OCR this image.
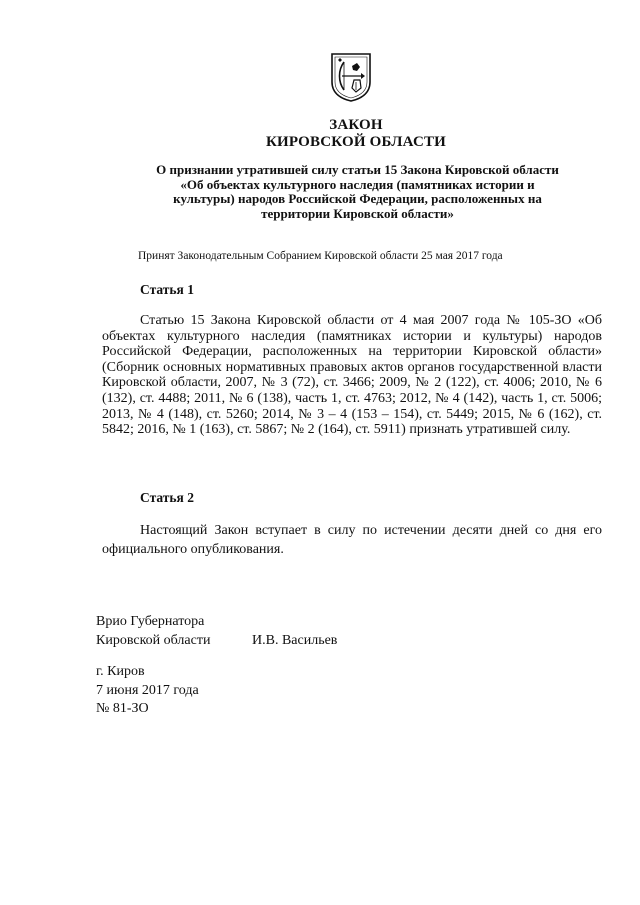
ЗАКОН
КИРОВСКОЙ ОБЛАСТИ
О признании утратившей силу статьи 15 Закона Кировской области «Об объектах культурного наследия (памятниках истории и культуры) народов Российской Федерации, расположенных на территории Кировской области»
Принят Законодательным Собранием Кировской области 25 мая 2017 года
Статья 1

Статью 15 Закона Кировской области от 4 мая 2007 года № 105-ЗО «Об объектах культурного наследия (памятниках истории и культуры) народов Российской Федерации, расположенных на территории Кировской области» (Сборник основных нормативных правовых актов органов государственной власти Кировской области, 2007, № 3 (72), ст. 3466; 2009, № 2 (122), ст. 4006; 2010, № 6 (132), ст. 4488; 2011, № 6 (138), часть 1, ст. 4763; 2012, № 4 (142), часть 1, ст. 5006; 2013, № 4 (148), ст. 5260; 2014, № 3 – 4 (153 – 154), ст. 5449; 2015, № 6 (162), ст. 5842; 2016, № 1 (163), ст. 5867; № 2 (164), ст. 5911) признать утратившей силу.

Статья 2

Настоящий Закон вступает в силу по истечении десяти дней со дня его официального опубликования.

Врио Губернатора
Кировской области	И.В. Васильев
г. Киров
7 июня 2017 года
№ 81-ЗО
